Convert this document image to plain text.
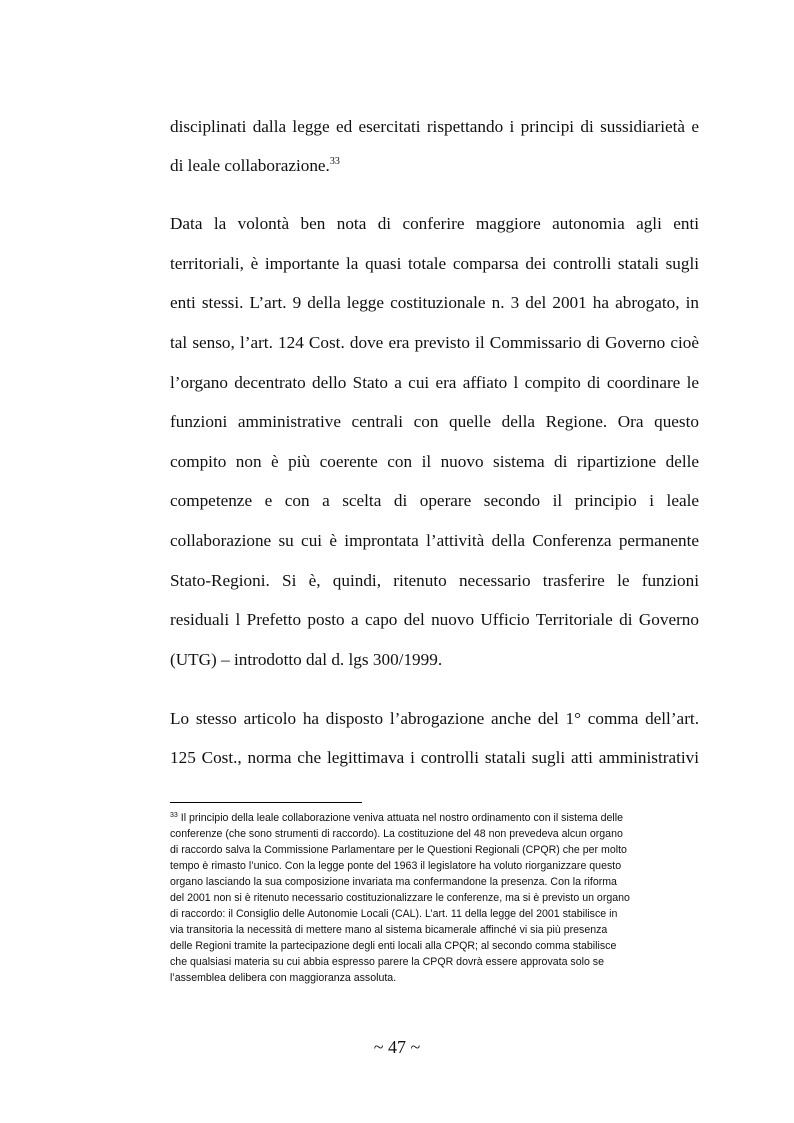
disciplinati dalla legge ed esercitati rispettando i principi di sussidiarietà e
di leale collaborazione.$^{33}$
Data la volontà ben nota di conferire maggiore autonomia agli enti
territoriali, è importante la quasi totale comparsa dei controlli statali sugli
enti stessi. L’art. 9 della legge costituzionale n. 3 del 2001 ha abrogato, in
tal senso, l’art. 124 Cost. dove era previsto il Commissario di Governo cioè
l’organo decentrato dello Stato a cui era affiato l compito di coordinare le
funzioni amministrative centrali con quelle della Regione. Ora questo
compito non è più coerente con il nuovo sistema di ripartizione delle
competenze e con a scelta di operare secondo il principio i leale
collaborazione su cui è improntata l’attività della Conferenza permanente
Stato-Regioni. Si è, quindi, ritenuto necessario trasferire le funzioni
residuali l Prefetto posto a capo del nuovo Ufficio Territoriale di Governo
(UTG) – introdotto dal d. lgs 300/1999.
Lo stesso articolo ha disposto l’abrogazione anche del 1° comma dell’art.
125 Cost., norma che legittimava i controlli statali sugli atti amministrativi
$^{33}$ Il principio della leale collaborazione veniva attuata nel nostro ordinamento con il sistema delle
conferenze (che sono strumenti di raccordo). La costituzione del 48 non prevedeva alcun organo
di raccordo salva la Commissione Parlamentare per le Questioni Regionali (CPQR) che per molto
tempo è rimasto l’unico. Con la legge ponte del 1963 il legislatore ha voluto riorganizzare questo
organo lasciando la sua composizione invariata ma confermandone la presenza. Con la riforma
del 2001 non si è ritenuto necessario costituzionalizzare le conferenze, ma si è previsto un organo
di raccordo: il Consiglio delle Autonomie Locali (CAL). L’art. 11 della legge del 2001 stabilisce in
via transitoria la necessità di mettere mano al sistema bicamerale affinché vi sia più presenza
delle Regioni tramite la partecipazione degli enti locali alla CPQR; al secondo comma stabilisce
che qualsiasi materia su cui abbia espresso parere la CPQR dovrà essere approvata solo se
l’assemblea delibera con maggioranza assoluta.
~ 47 ~
